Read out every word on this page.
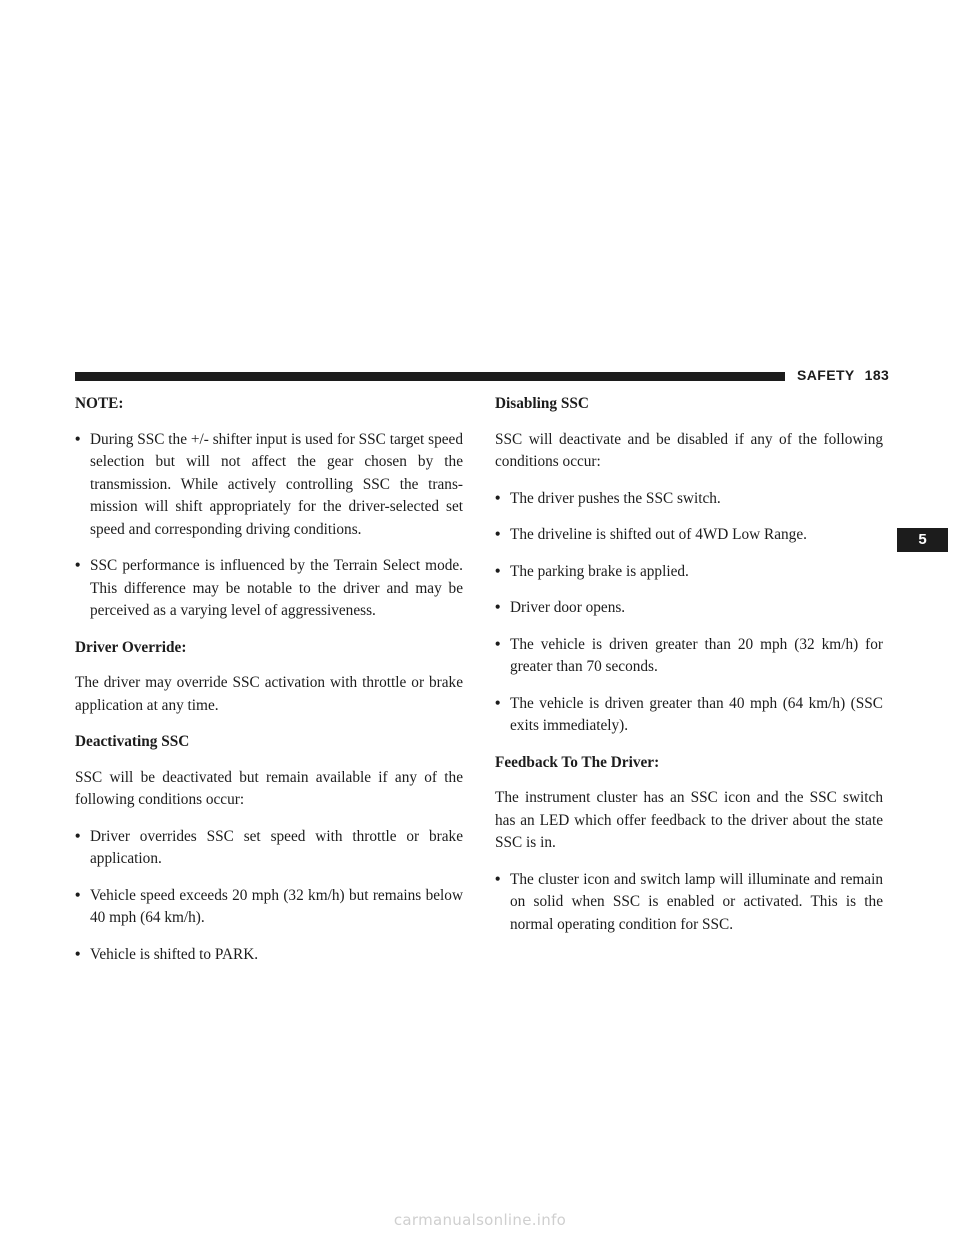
SAFETY 183
5

NOTE:

• During SSC the +/- shifter input is used for SSC target speed selection but will not affect the gear chosen by the transmission. While actively controlling SSC the trans- mission will shift appropriately for the driver-selected set speed and corresponding driving conditions.
• SSC performance is influenced by the Terrain Select mode. This difference may be notable to the driver and may be perceived as a varying level of aggressiveness.

Driver Override:

The driver may override SSC activation with throttle or brake application at any time.

Deactivating SSC

SSC will be deactivated but remain available if any of the following conditions occur:

• Driver overrides SSC set speed with throttle or brake application.
• Vehicle speed exceeds 20 mph (32 km/h) but remains below 40 mph (64 km/h).
• Vehicle is shifted to PARK.

Disabling SSC

SSC will deactivate and be disabled if any of the following conditions occur:

• The driver pushes the SSC switch.
• The driveline is shifted out of 4WD Low Range.
• The parking brake is applied.
• Driver door opens.
• The vehicle is driven greater than 20 mph (32 km/h) for greater than 70 seconds.
• The vehicle is driven greater than 40 mph (64 km/h) (SSC exits immediately).

Feedback To The Driver:

The instrument cluster has an SSC icon and the SSC switch has an LED which offer feedback to the driver about the state SSC is in.

• The cluster icon and switch lamp will illuminate and remain on solid when SSC is enabled or activated. This is the normal operating condition for SSC.
carmanualsonline.info
